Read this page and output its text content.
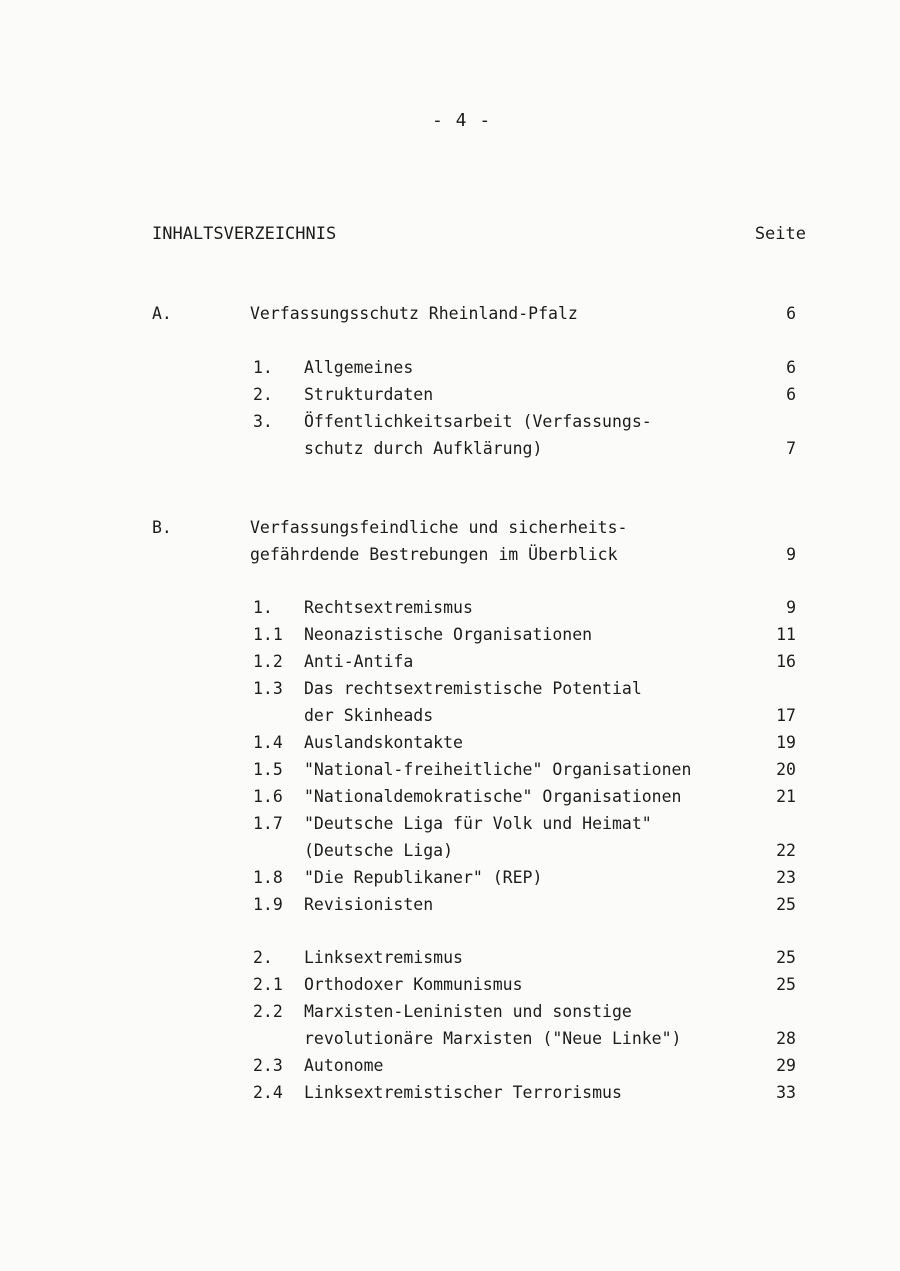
- 4 -
INHALTSVERZEICHNIS	Seite
A.	Verfassungsschutz Rheinland-Pfalz	6
1. Allgemeines	6
2. Strukturdaten	6
3. Öffentlichkeitsarbeit (Verfassungs-
schutz durch Aufklärung)	7
B.	Verfassungsfeindliche und sicherheits-
gefährdende Bestrebungen im Überblick	9
1. Rechtsextremismus	9
1.1 Neonazistische Organisationen	11
1.2 Anti-Antifa	16
1.3 Das rechtsextremistische Potential
der Skinheads	17
1.4 Auslandskontakte	19
1.5 "National-freiheitliche" Organisationen	20
1.6 "Nationaldemokratische" Organisationen	21
1.7 "Deutsche Liga für Volk und Heimat"
(Deutsche Liga)	22
1.8 "Die Republikaner" (REP)	23
1.9 Revisionisten	25
2. Linksextremismus	25
2.1 Orthodoxer Kommunismus	25
2.2 Marxisten-Leninisten und sonstige
revolutionäre Marxisten ("Neue Linke")	28
2.3 Autonome	29
2.4 Linksextremistischer Terrorismus	33
